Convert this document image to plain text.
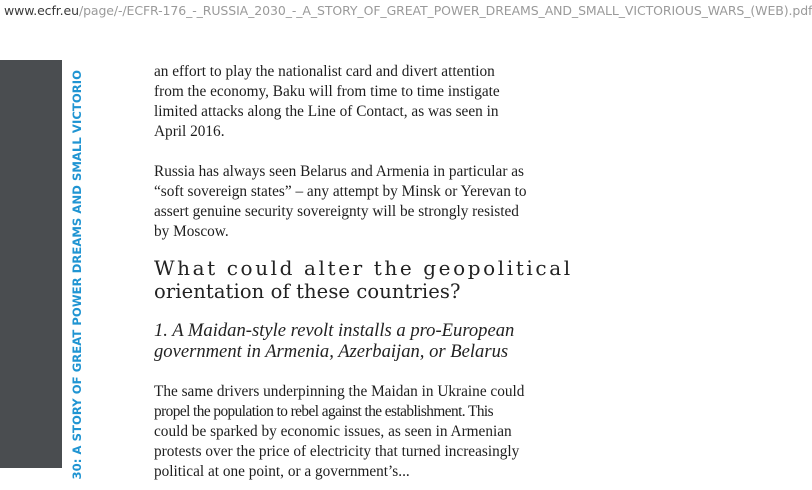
www.ecfr.eu/page/-/ECFR-176_-_RUSSIA_2030_-_A_STORY_OF_GREAT_POWER_DREAMS_AND_SMALL_VICTORIOUS_WARS_(WEB).pdf
30: A STORY OF GREAT POWER DREAMS AND SMALL VICTORIO	an effort to play the nationalist card and divert attention
from the economy, Baku will from time to time instigate
limited attacks along the Line of Contact, as was seen in
April 2016.
Russia has always seen Belarus and Armenia in particular as
“soft sovereign states” – any attempt by Minsk or Yerevan to
assert genuine security sovereignty will be strongly resisted
by Moscow.
What could alter the geopolitical
orientation of these countries?
1. A Maidan-style revolt installs a pro-European
government in Armenia, Azerbaijan, or Belarus
The same drivers underpinning the Maidan in Ukraine could
propel the population to rebel against the establishment. This
could be sparked by economic issues, as seen in Armenian
protests over the price of electricity that turned increasingly
political at one point, or a government’s...
